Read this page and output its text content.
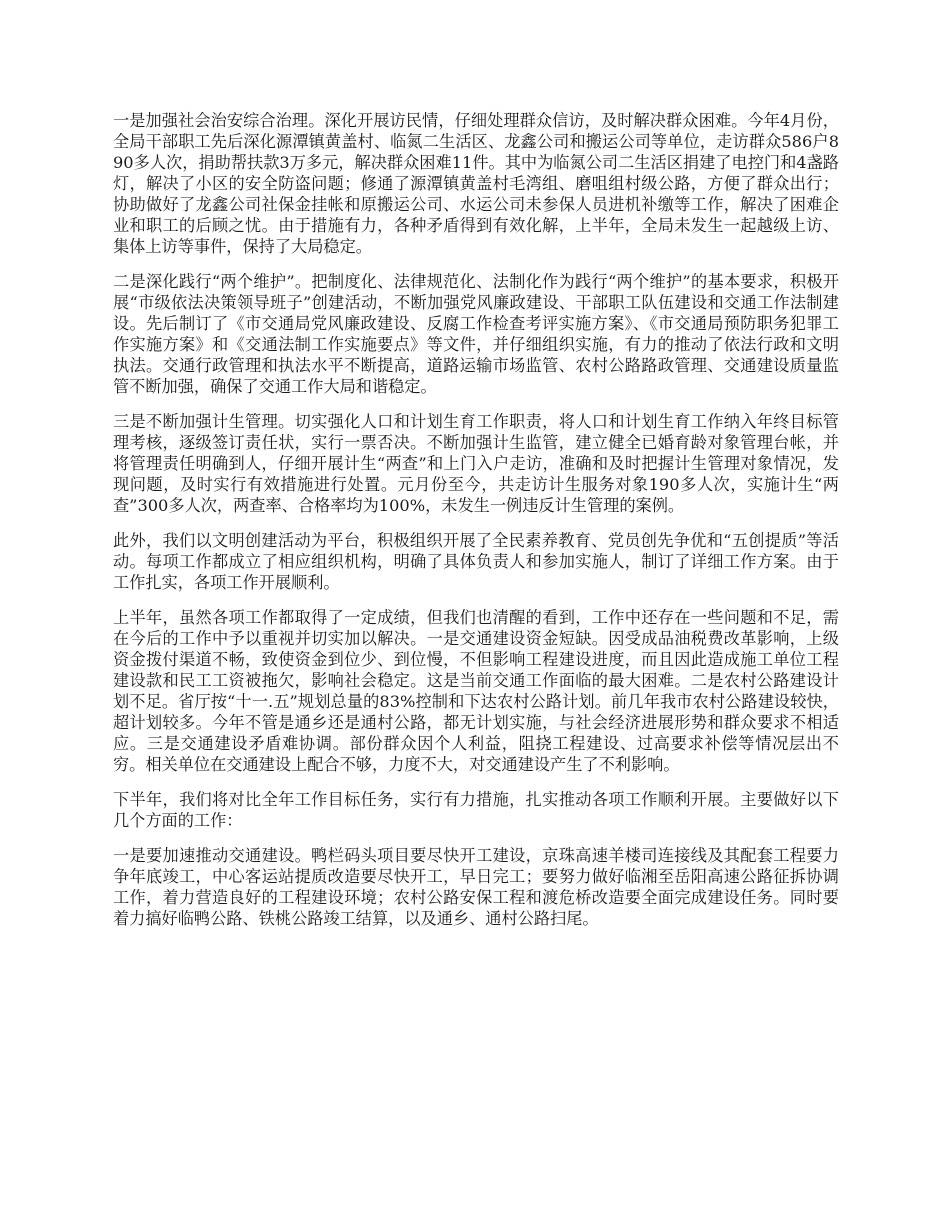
一是加强社会治安综合治理。深化开展访民情，仔细处理群众信访，及时解决群众困难。今年4月份，全局干部职工先后深化源潭镇黄盖村、临氮二生活区、龙鑫公司和搬运公司等单位，走访群众586户890多人次，捐助帮扶款3万多元，解决群众困难11件。其中为临氮公司二生活区捐建了电控门和4盏路灯，解决了小区的安全防盗问题；修通了源潭镇黄盖村毛湾组、磨咀组村级公路，方便了群众出行；协助做好了龙鑫公司社保金挂帐和原搬运公司、水运公司未参保人员进机补缴等工作，解决了困难企业和职工的后顾之忧。由于措施有力，各种矛盾得到有效化解，上半年，全局未发生一起越级上访、集体上访等事件，保持了大局稳定。

二是深化践行“两个维护”。把制度化、法律规范化、法制化作为践行“两个维护”的基本要求，积极开展“市级依法决策领导班子”创建活动，不断加强党风廉政建设、干部职工队伍建设和交通工作法制建设。先后制订了《市交通局党风廉政建设、反腐工作检查考评实施方案》、《市交通局预防职务犯罪工作实施方案》和《交通法制工作实施要点》等文件，并仔细组织实施，有力的推动了依法行政和文明执法。交通行政管理和执法水平不断提高，道路运输市场监管、农村公路路政管理、交通建设质量监管不断加强，确保了交通工作大局和谐稳定。

三是不断加强计生管理。切实强化人口和计划生育工作职责，将人口和计划生育工作纳入年终目标管理考核，逐级签订责任状，实行一票否决。不断加强计生监管，建立健全已婚育龄对象管理台帐，并将管理责任明确到人，仔细开展计生“两查”和上门入户走访，准确和及时把握计生管理对象情况，发现问题，及时实行有效措施进行处置。元月份至今，共走访计生服务对象190多人次，实施计生“两查”300多人次，两查率、合格率均为100%，未发生一例违反计生管理的案例。

此外，我们以文明创建活动为平台，积极组织开展了全民素养教育、党员创先争优和“五创提质”等活动。每项工作都成立了相应组织机构，明确了具体负责人和参加实施人，制订了详细工作方案。由于工作扎实，各项工作开展顺利。

上半年，虽然各项工作都取得了一定成绩，但我们也清醒的看到，工作中还存在一些问题和不足，需在今后的工作中予以重视并切实加以解决。一是交通建设资金短缺。因受成品油税费改革影响，上级资金拨付渠道不畅，致使资金到位少、到位慢，不但影响工程建设进度，而且因此造成施工单位工程建设款和民工工资被拖欠，影响社会稳定。这是当前交通工作面临的最大困难。二是农村公路建设计划不足。省厅按“十一.五”规划总量的83%控制和下达农村公路计划。前几年我市农村公路建设较快，超计划较多。今年不管是通乡还是通村公路，都无计划实施，与社会经济进展形势和群众要求不相适应。三是交通建设矛盾难协调。部份群众因个人利益，阻挠工程建设、过高要求补偿等情况层出不穷。相关单位在交通建设上配合不够，力度不大，对交通建设产生了不利影响。

下半年，我们将对比全年工作目标任务，实行有力措施，扎实推动各项工作顺利开展。主要做好以下几个方面的工作：

一是要加速推动交通建设。鸭栏码头项目要尽快开工建设，京珠高速羊楼司连接线及其配套工程要力争年底竣工，中心客运站提质改造要尽快开工，早日完工；要努力做好临湘至岳阳高速公路征拆协调工作，着力营造良好的工程建设环境；农村公路安保工程和渡危桥改造要全面完成建设任务。同时要着力搞好临鸭公路、铁桃公路竣工结算，以及通乡、通村公路扫尾。
